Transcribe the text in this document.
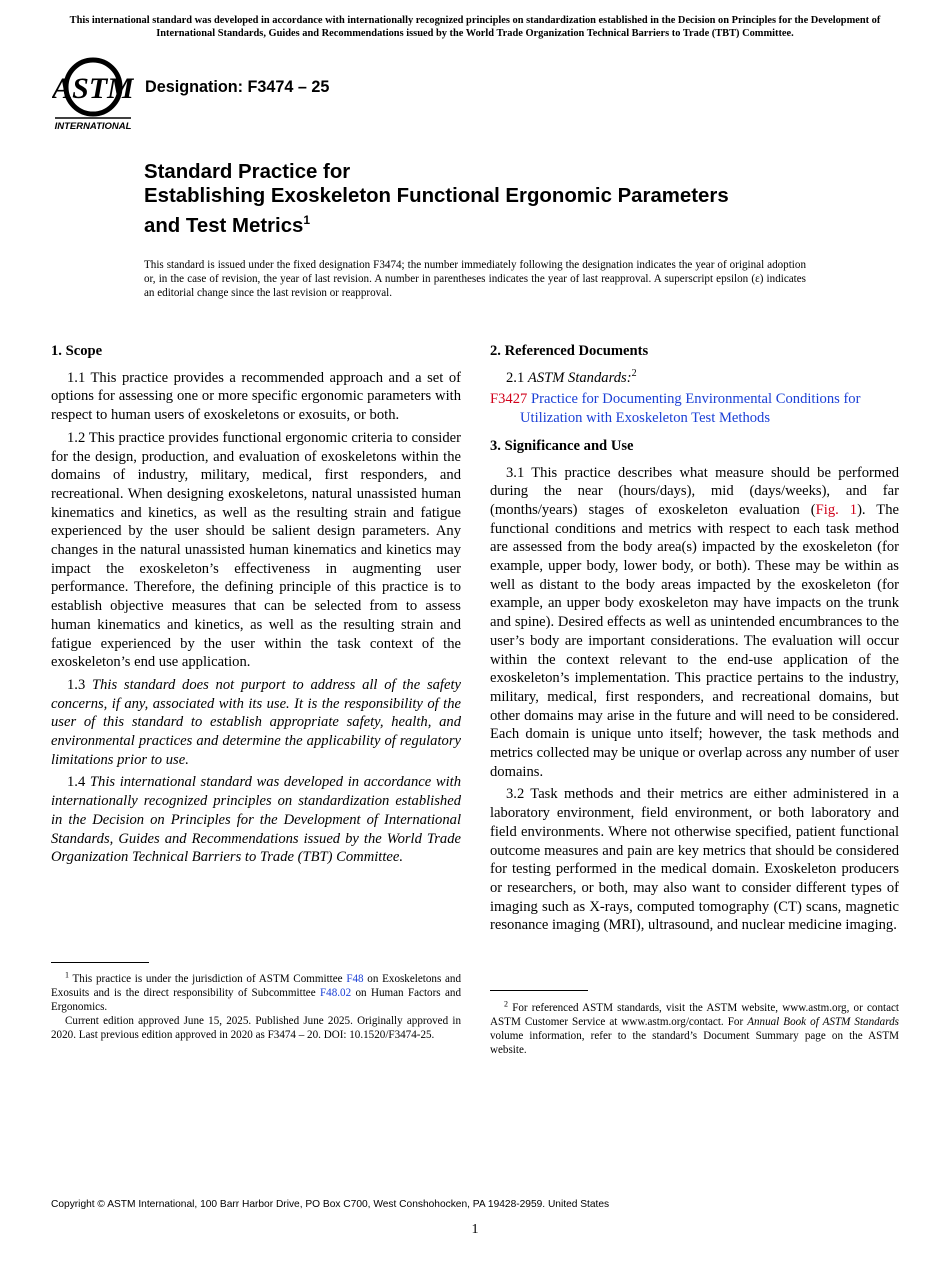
This international standard was developed in accordance with internationally recognized principles on standardization established in the Decision on Principles for the Development of International Standards, Guides and Recommendations issued by the World Trade Organization Technical Barriers to Trade (TBT) Committee.
ASTM
INTERNATIONAL
Designation: F3474 – 25
Standard Practice for
Establishing Exoskeleton Functional Ergonomic Parameters
and Test Metrics$^1$
This standard is issued under the fixed designation F3474; the number immediately following the designation indicates the year of original adoption or, in the case of revision, the year of last revision. A number in parentheses indicates the year of last reapproval. A superscript epsilon (ε) indicates an editorial change since the last revision or reapproval.
1. Scope

1.1 This practice provides a recommended approach and a set of options for assessing one or more specific ergonomic parameters with respect to human users of exoskeletons or exosuits, or both.

1.2 This practice provides functional ergonomic criteria to consider for the design, production, and evaluation of exoskeletons within the domains of industry, military, medical, first responders, and recreational. When designing exoskeletons, natural unassisted human kinematics and kinetics, as well as the resulting strain and fatigue experienced by the user should be salient design parameters. Any changes in the natural unassisted human kinematics and kinetics may impact the exoskeleton’s effectiveness in augmenting user performance. Therefore, the defining principle of this practice is to establish objective measures that can be selected from to assess human kinematics and kinetics, as well as the resulting strain and fatigue experienced by the user within the task context of the exoskeleton’s end use application.

1.3 This standard does not purport to address all of the safety concerns, if any, associated with its use. It is the responsibility of the user of this standard to establish appropriate safety, health, and environmental practices and determine the applicability of regulatory limitations prior to use.

1.4 This international standard was developed in accordance with internationally recognized principles on standardization established in the Decision on Principles for the Development of International Standards, Guides and Recommendations issued by the World Trade Organization Technical Barriers to Trade (TBT) Committee.

2. Referenced Documents
2.1 ASTM Standards:$^2$
F3427 Practice for Documenting Environmental Conditions for Utilization with Exoskeleton Test Methods
3. Significance and Use

3.1 This practice describes what measure should be performed during the near (hours/days), mid (days/weeks), and far (months/years) stages of exoskeleton evaluation (Fig. 1). The functional conditions and metrics with respect to each task method are assessed from the body area(s) impacted by the exoskeleton (for example, upper body, lower body, or both). These may be within as well as distant to the body areas impacted by the exoskeleton (for example, an upper body exoskeleton may have impacts on the trunk and spine). Desired effects as well as unintended encumbrances to the user’s body are important considerations. The evaluation will occur within the context relevant to the end-use application of the exoskeleton’s implementation. This practice pertains to the industry, military, medical, first responders, and recreational domains, but other domains may arise in the future and will need to be considered. Each domain is unique unto itself; however, the task methods and metrics collected may be unique or overlap across any number of user domains.

3.2 Task methods and their metrics are either administered in a laboratory environment, field environment, or both laboratory and field environments. Where not otherwise specified, patient functional outcome measures and pain are key metrics that should be considered for testing performed in the medical domain. Exoskeleton producers or researchers, or both, may also want to consider different types of imaging such as X-rays, computed tomography (CT) scans, magnetic resonance imaging (MRI), ultrasound, and nuclear medicine imaging.

$^1$ This practice is under the jurisdiction of ASTM Committee F48 on Exoskeletons and Exosuits and is the direct responsibility of Subcommittee F48.02 on Human Factors and Ergonomics.

Current edition approved June 15, 2025. Published June 2025. Originally approved in 2020. Last previous edition approved in 2020 as F3474 – 20. DOI: 10.1520/F3474-25.

$^2$ For referenced ASTM standards, visit the ASTM website, www.astm.org, or contact ASTM Customer Service at www.astm.org/contact. For Annual Book of ASTM Standards volume information, refer to the standard’s Document Summary page on the ASTM website.

Copyright © ASTM International, 100 Barr Harbor Drive, PO Box C700, West Conshohocken, PA 19428-2959. United States
1
